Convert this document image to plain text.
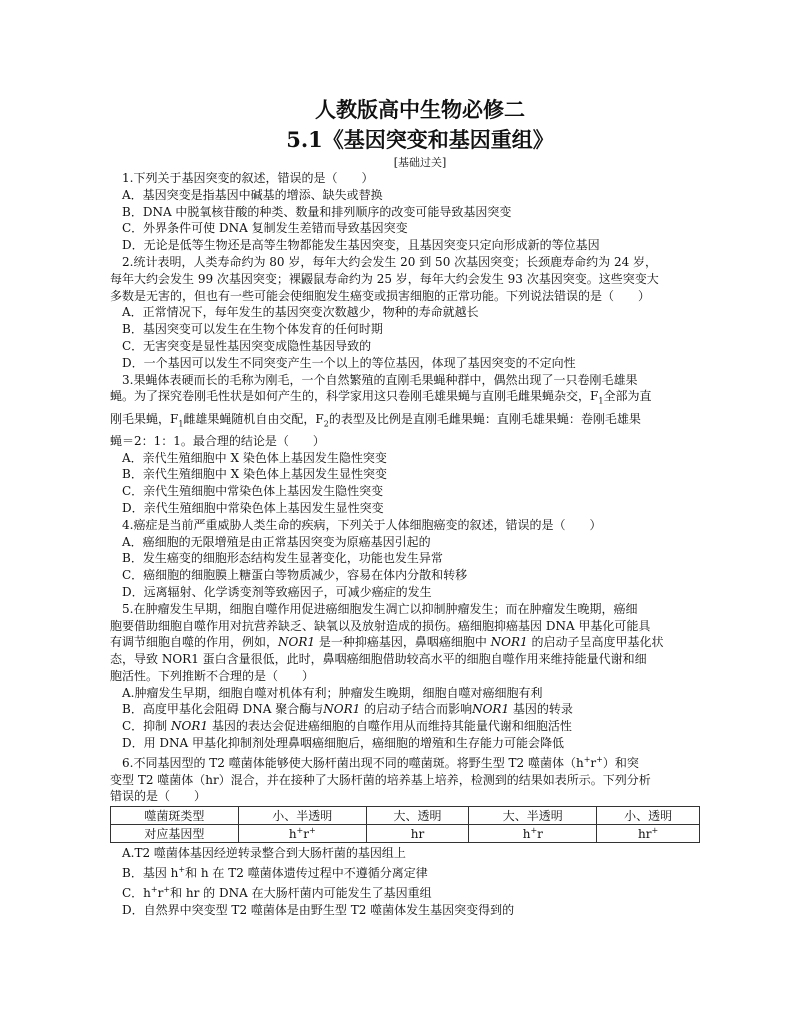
人教版高中生物必修二
5.1《基因突变和基因重组》
[基础过关]

1.下列关于基因突变的叙述，错误的是（　　）

A．基因突变是指基因中碱基的增添、缺失或替换

B．DNA 中脱氧核苷酸的种类、数量和排列顺序的改变可能导致基因突变

C．外界条件可使 DNA 复制发生差错而导致基因突变

D．无论是低等生物还是高等生物都能发生基因突变，且基因突变只定向形成新的等位基因

2.统计表明，人类寿命约为 80 岁，每年大约会发生 20 到 50 次基因突变；长颈鹿寿命约为 24 岁，

每年大约会发生 99 次基因突变；裸鼹鼠寿命约为 25 岁，每年大约会发生 93 次基因突变。这些突变大

多数是无害的，但也有一些可能会使细胞发生癌变或损害细胞的正常功能。下列说法错误的是（　　）

A．正常情况下，每年发生的基因突变次数越少，物种的寿命就越长

B．基因突变可以发生在生物个体发育的任何时期

C．无害突变是显性基因突变成隐性基因导致的

D．一个基因可以发生不同突变产生一个以上的等位基因，体现了基因突变的不定向性

3.果蝇体表硬而长的毛称为刚毛，一个自然繁殖的直刚毛果蝇种群中，偶然出现了一只卷刚毛雄果

蝇。为了探究卷刚毛性状是如何产生的，科学家用这只卷刚毛雄果蝇与直刚毛雌果蝇杂交，$F_1$全部为直

刚毛果蝇，$F_1$雌雄果蝇随机自由交配，$F_2$的表型及比例是直刚毛雌果蝇：直刚毛雄果蝇：卷刚毛雄果

蝇＝2：1：1。最合理的结论是（　　）

A．亲代生殖细胞中 X 染色体上基因发生隐性突变

B．亲代生殖细胞中 X 染色体上基因发生显性突变

C．亲代生殖细胞中常染色体上基因发生隐性突变

D．亲代生殖细胞中常染色体上基因发生显性突变

4.癌症是当前严重威胁人类生命的疾病，下列关于人体细胞癌变的叙述，错误的是（　　）

A．癌细胞的无限增殖是由正常基因突变为原癌基因引起的

B．发生癌变的细胞形态结构发生显著变化，功能也发生异常

C．癌细胞的细胞膜上糖蛋白等物质减少，容易在体内分散和转移

D．远离辐射、化学诱变剂等致癌因子，可减少癌症的发生

5.在肿瘤发生早期，细胞自噬作用促进癌细胞发生凋亡以抑制肿瘤发生；而在肿瘤发生晚期，癌细

胞要借助细胞自噬作用对抗营养缺乏、缺氧以及放射造成的损伤。癌细胞抑癌基因 DNA 甲基化可能具

有调节细胞自噬的作用，例如，NOR1 是一种抑癌基因，鼻咽癌细胞中 NOR1 的启动子呈高度甲基化状

态，导致 NOR1 蛋白含量很低，此时，鼻咽癌细胞借助较高水平的细胞自噬作用来维持能量代谢和细

胞活性。下列推断不合理的是（　　）

A.肿瘤发生早期，细胞自噬对机体有利；肿瘤发生晚期，细胞自噬对癌细胞有利

B．高度甲基化会阻碍 DNA 聚合酶与NOR1 的启动子结合而影响NOR1 基因的转录

C．抑制 NOR1 基因的表达会促进癌细胞的自噬作用从而维持其能量代谢和细胞活性

D．用 DNA 甲基化抑制剂处理鼻咽癌细胞后，癌细胞的增殖和生存能力可能会降低

6.不同基因型的 T2 噬菌体能够使大肠杆菌出现不同的噬菌斑。将野生型 T2 噬菌体（h+r+）和突

变型 T2 噬菌体（hr）混合，并在接种了大肠杆菌的培养基上培养，检测到的结果如表所示。下列分析

错误的是（　　）

噬菌斑类型	小、半透明	大、透明	大、半透明	小、透明
对应基因型	h+r+	hr	h+r	hr+

A.T2 噬菌体基因经逆转录整合到大肠杆菌的基因组上

B．基因 h+和 h 在 T2 噬菌体遗传过程中不遵循分离定律

C．h+r+和 hr 的 DNA 在大肠杆菌内可能发生了基因重组

D．自然界中突变型 T2 噬菌体是由野生型 T2 噬菌体发生基因突变得到的
